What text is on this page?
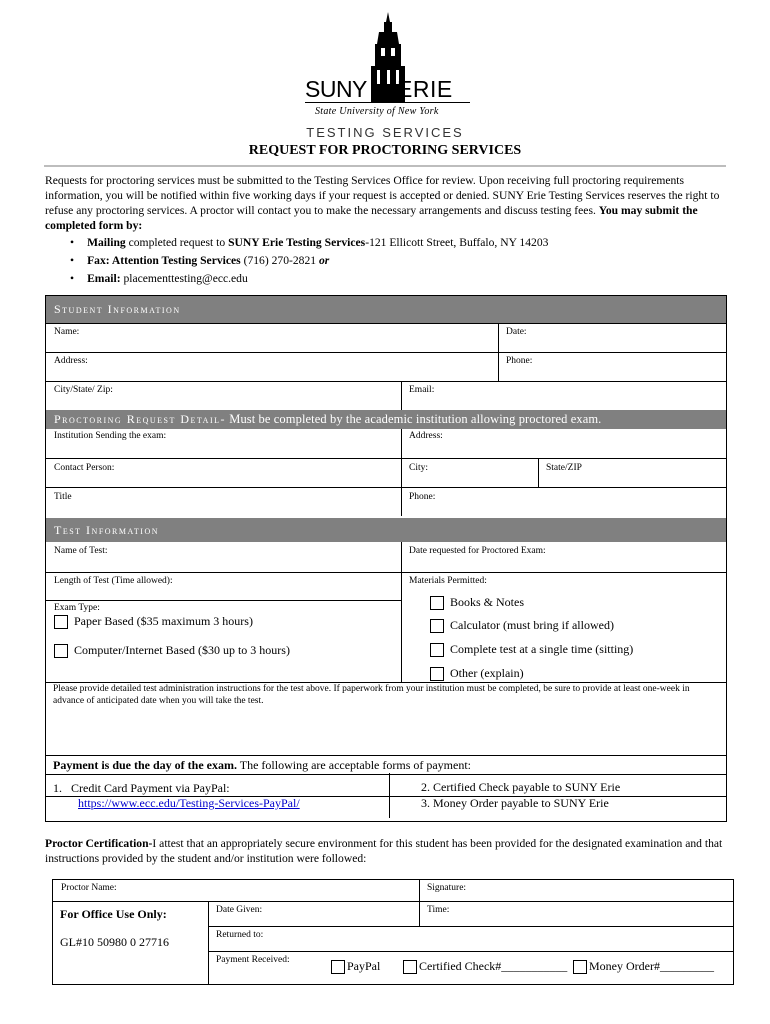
SUNY ERIE
State University of New York
TESTING SERVICES
REQUEST FOR PROCTORING SERVICES
Requests for proctoring services must be submitted to the Testing Services Office for review. Upon receiving full proctoring requirements information, you will be notified within five working days if your request is accepted or denied. SUNY Erie Testing Services reserves the right to refuse any proctoring services. A proctor will contact you to make the necessary arrangements and discuss testing fees. You may submit the completed form by:
• Mailing completed request to SUNY Erie Testing Services-121 Ellicott Street, Buffalo, NY 14203
• Fax: Attention Testing Services (716) 270-2821 or
• Email: placementtesting@ecc.edu
Student Information
Name:	Date:
Address:	Phone:
City/State/ Zip:	Email:
Proctoring Request Detail- Must be completed by the academic institution allowing proctored exam.
Institution Sending the exam:	Address:
Contact Person:	City:	State/ZIP
Title	Phone:
Test Information
Name of Test:	Date requested for Proctored Exam:
Length of Test (Time allowed):	Materials Permitted:
Exam Type:
Paper Based ($35 maximum 3 hours)
Computer/Internet Based ($30 up to 3 hours)
Books & Notes
Calculator (must bring if allowed)
Complete test at a single time (sitting)
Other (explain)
Please provide detailed test administration instructions for the test above. If paperwork from your institution must be completed, be sure to provide at least one-week in advance of anticipated date when you will take the test.
Payment is due the day of the exam. The following are acceptable forms of payment:
1. Credit Card Payment via PayPal:
https://www.ecc.edu/Testing-Services-PayPal/
2. Certified Check payable to SUNY Erie
3. Money Order payable to SUNY Erie
Proctor Certification-I attest that an appropriately secure environment for this student has been provided for the designated examination and that instructions provided by the student and/or institution were followed:
Proctor Name:	Signature:
For Office Use Only:
GL#10 50980 0 27716
Date Given:	Time:
Returned to:
Payment Received:	PayPal	Certified Check#___________	Money Order#_________
